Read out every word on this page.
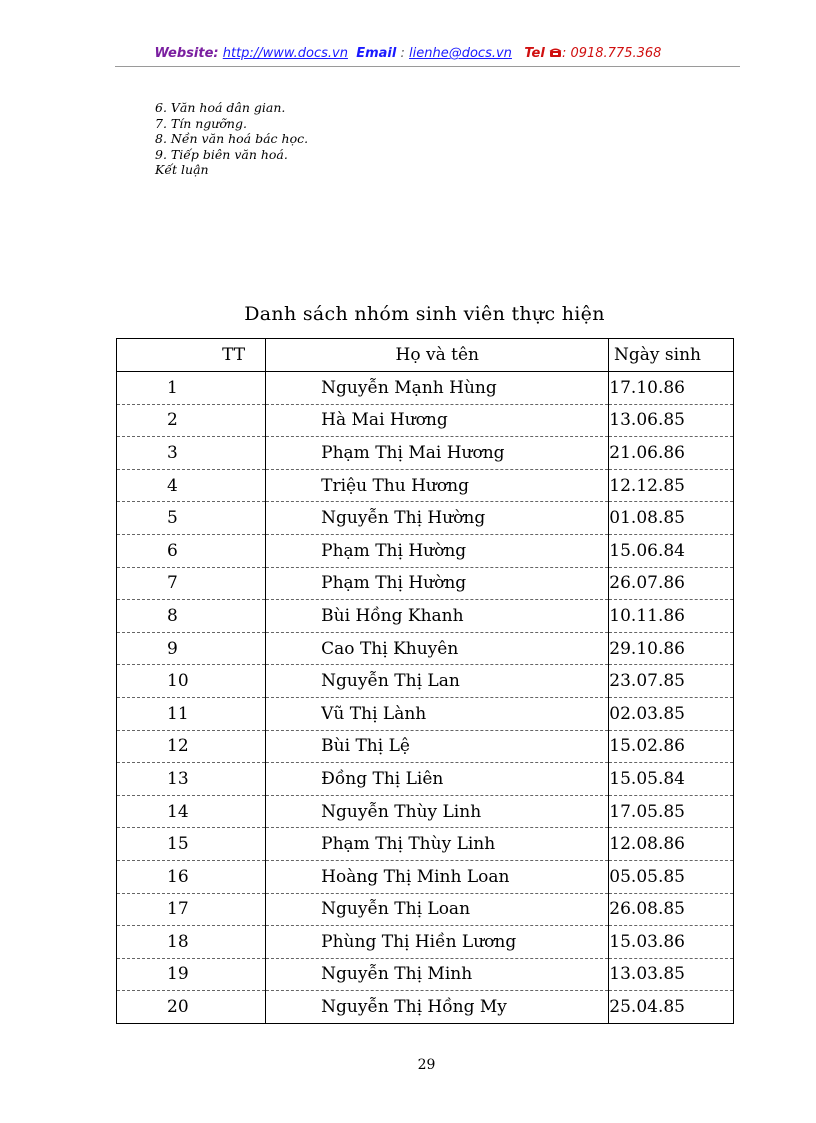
Website: http://www.docs.vn Email : lienhe@docs.vn Tel : 0918.775.368
6. Văn hoá dân gian.
7. Tín ngưỡng.
8. Nền văn hoá bác học.
9. Tiếp biên văn hoá.
Kết luận
Danh sách nhóm sinh viên thực hiện
TT	Họ và tên	Ngày sinh
1	Nguyễn Mạnh Hùng	17.10.86
2	Hà Mai Hương	13.06.85
3	Phạm Thị Mai Hương	21.06.86
4	Triệu Thu Hương	12.12.85
5	Nguyễn Thị Hường	01.08.85
6	Phạm Thị Hường	15.06.84
7	Phạm Thị Hường	26.07.86
8	Bùi Hồng Khanh	10.11.86
9	Cao Thị Khuyên	29.10.86
10	Nguyễn Thị Lan	23.07.85
11	Vũ Thị Lành	02.03.85
12	Bùi Thị Lệ	15.02.86
13	Đồng Thị Liên	15.05.84
14	Nguyễn Thùy Linh	17.05.85
15	Phạm Thị Thùy Linh	12.08.86
16	Hoàng Thị Minh Loan	05.05.85
17	Nguyễn Thị Loan	26.08.85
18	Phùng Thị Hiền Lương	15.03.86
19	Nguyễn Thị Minh	13.03.85
20	Nguyễn Thị Hồng My	25.04.85
29
